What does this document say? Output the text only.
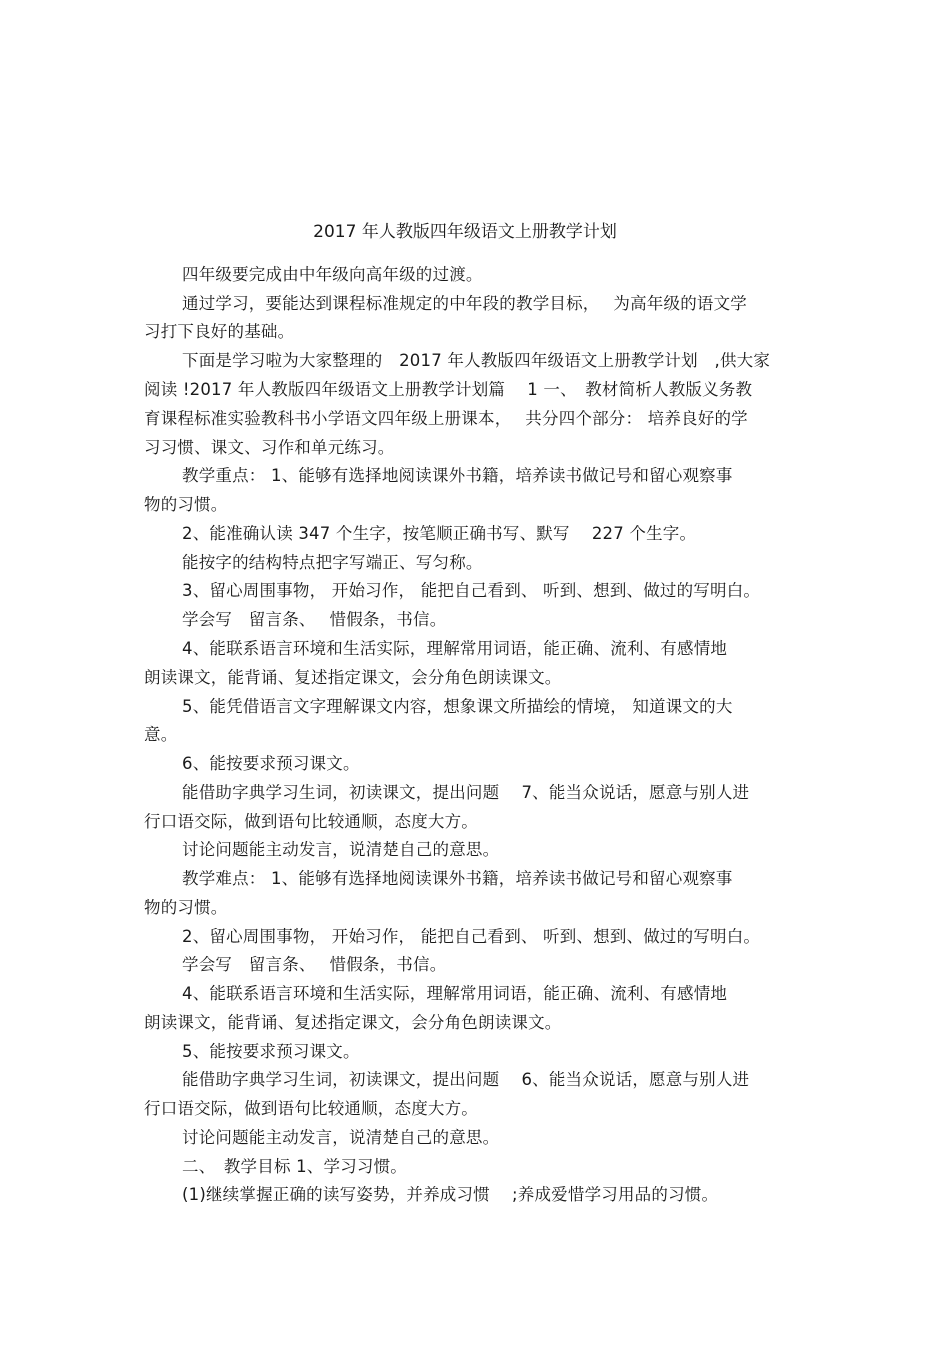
2017 年人教版四年级语文上册教学计划
四年级要完成由中年级向高年级的过渡。
通过学习，要能达到课程标准规定的中年段的教学目标，　 为高年级的语文学
习打下良好的基础。
下面是学习啦为大家整理的　2017 年人教版四年级语文上册教学计划　,供大家
阅读 !2017 年人教版四年级语文上册教学计划篇　 1 一、　教材简析人教版义务教
育课程标准实验教科书小学语文四年级上册课本，　 共分四个部分： 培养良好的学
习习惯、课文、习作和单元练习。
教学重点： 1、能够有选择地阅读课外书籍，培养读书做记号和留心观察事
物的习惯。
2、能准确认读 347 个生字，按笔顺正确书写、默写　 227 个生字。
能按字的结构特点把字写端正、写匀称。
3、留心周围事物， 开始习作， 能把自己看到、 听到、想到、做过的写明白。
学会写　留言条、　 惜假条，书信。
4、能联系语言环境和生活实际，理解常用词语，能正确、流利、有感情地
朗读课文，能背诵、复述指定课文，会分角色朗读课文。
5、能凭借语言文字理解课文内容，想象课文所描绘的情境， 知道课文的大
意。
6、能按要求预习课文。
能借助字典学习生词，初读课文，提出问题　 7、能当众说话，愿意与别人进
行口语交际，做到语句比较通顺，态度大方。
讨论问题能主动发言，说清楚自己的意思。
教学难点： 1、能够有选择地阅读课外书籍，培养读书做记号和留心观察事
物的习惯。
2、留心周围事物， 开始习作， 能把自己看到、 听到、想到、做过的写明白。
学会写　留言条、　 惜假条，书信。
4、能联系语言环境和生活实际，理解常用词语，能正确、流利、有感情地
朗读课文，能背诵、复述指定课文，会分角色朗读课文。
5、能按要求预习课文。
能借助字典学习生词，初读课文，提出问题　 6、能当众说话，愿意与别人进
行口语交际，做到语句比较通顺，态度大方。
讨论问题能主动发言，说清楚自己的意思。
二、　教学目标 1、学习习惯。
(1)继续掌握正确的读写姿势，并养成习惯　 ;养成爱惜学习用品的习惯。
